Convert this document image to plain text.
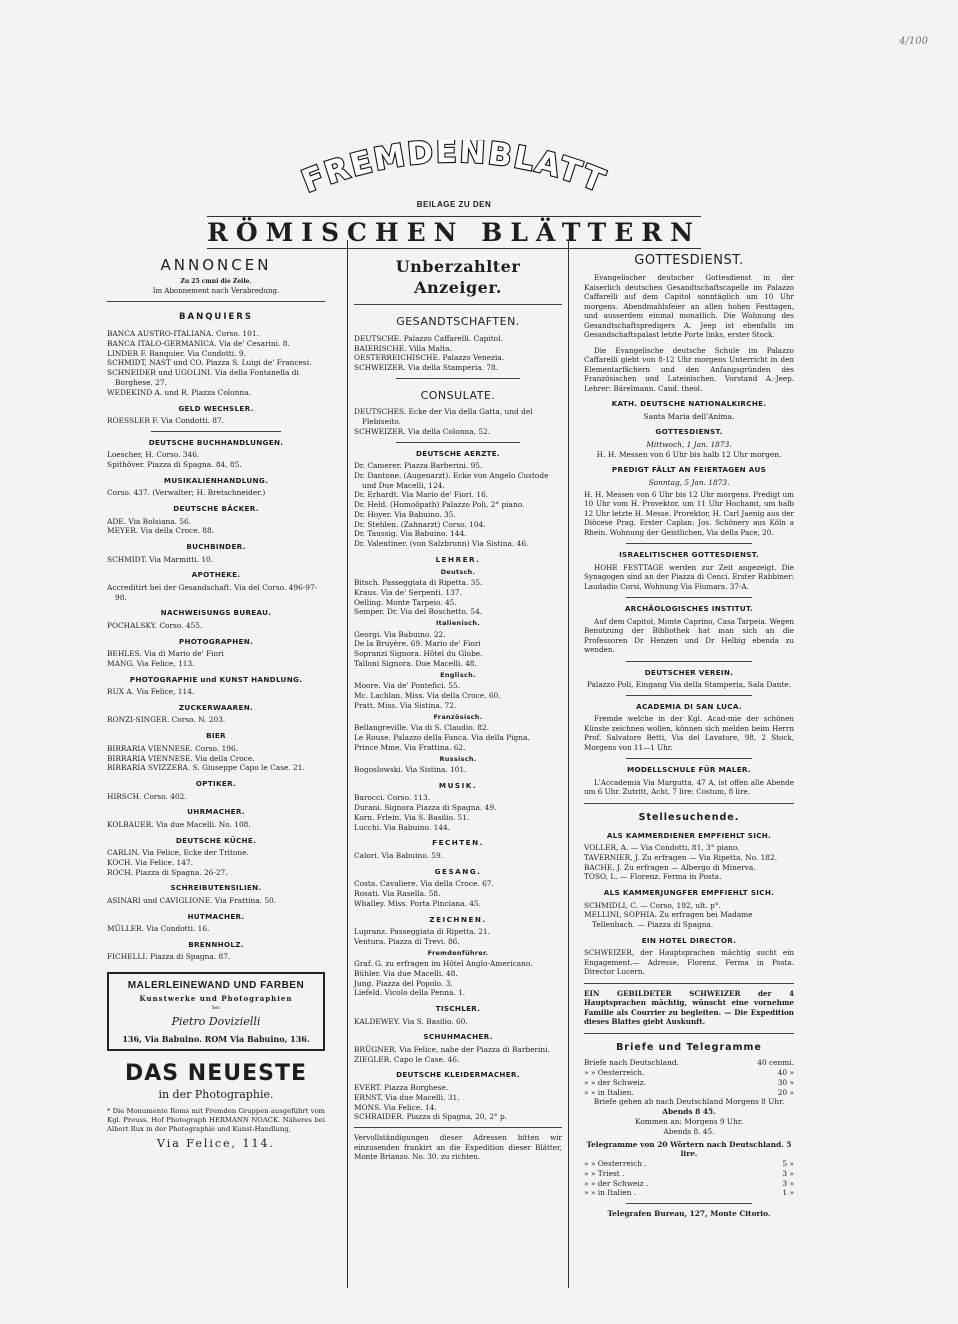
4/100
FREMDENBLATT
BEILAGE ZU DEN
RÖMISCHEN BLÄTTERN
ANNONCEN
Zu 25 cmni die Zeile.
Im Abonnement nach Verabredung.
BANQUIERS
BANCA AUSTRO-ITALIANA. Corso. 101.
BANCA ITALO-GERMANICA. Via de' Cesarini. 8.
LINDER F. Banquier. Via Condotti. 9.
SCHMIDT, NAST und CO. Piazza S. Luigi de' Francesi.
SCHNEIDER und UGOLINI. Via della Fontanella di Borghese. 27.
WEDEKIND A. und R. Piazza Colonna.
GELD WECHSLER.
ROESSLER F. Via Condotti. 87.
DEUTSCHE BUCHHANDLUNGEN.
Loescher, H. Corso. 346.
Spithöver. Piazza di Spagna. 84, 85.
MUSIKALIENHANDLUNG.
Corso. 437. (Verwalter; H. Bretschneider.)
DEUTSCHE BÄCKER.
ADE. Via Bolsiana. 56.
MEYER. Via della Croce. 88.
BUCHBINDER.
SCHMIDT. Via Marmitti. 10.
APOTHEKE.
Accreditirt bei der Gesandschaft. Via del Corso. 496-97-98.
NACHWEISUNGS BUREAU.
POCHALSKY. Corso. 455.
PHOTOGRAPHEN.
BEHLES. Via di Mario de' Fiori
MANG. Via Felice, 113.
PHOTOGRAPHIE und KUNST HANDLUNG.
RUX A. Via Felice, 114.
ZUCKERWAAREN.
RONZI-SINGER. Corso. N. 203.
BIER
BIRRARIA VIENNESE. Corso. 196.
BIRRARIA VIENNESE. Via della Croce.
BIRRARIA SVIZZERA. S. Giuseppe Capo le Case. 21.
OPTIKER.
HIRSCH. Corso. 402.
UHRMACHER.
KOLBAUER. Via due Macelli. No. 108.
DEUTSCHE KÜCHE.
CARLIN. Via Felice, Ecke der Tritone.
KOCH. Via Felice. 147.
ROCH. Piazza di Spagna. 26-27.
SCHREIBUTENSILIEN.
ASINARI und CAVIGLIONE. Via Frattina. 50.
HUTMACHER.
MÜLLER. Via Condotti. 16.
BRENNHOLZ.
FICHELLI. Piazza di Spagna. 87.
MALERLEINEWAND UND FARBEN
Kunstwerke und Photographien
bei
Pietro Dovizielli
136, Via Babuino. ROM Via Babuino, 136.
DAS NEUESTE
in der Photographie.
* Die Monumente Roms mit Fremden Gruppen ausgeführt vom Kgl. Preuss. Hof Photograph HERMANN NOACK. Näheres bei Albert Rux in der Photographie und Kunst-Handlung,
Via Felice, 114.
Unberzahlter Anzeiger.
GESANDTSCHAFTEN.
DEUTSCHE. Palazzo Caffarelli. Capitol.
BAIERISCHE. Villa Malta.
OESTERREICHISCHE. Palazzo Venezia.
SCHWEIZER. Via della Stamperia. 78.
CONSULATE.
DEUTSCHES. Ecke der Via della Gatta, und del Plebiseito.
SCHWEIZER. Via della Colonna, 52.
DEUTSCHE AERZTE.
Dr. Camerer. Piazza Barberini. 95.
Dr. Dantone. (Augenarzt). Ecke von Angelo Custode und Due Macelli, 124.
Dr. Erhardt. Via Mario de' Fiori. 16.
Dr. Held. (Homoöpath) Palazzo Poli, 2° piano.
Dr. Hoyer. Via Babuino. 35.
Dr. Stehlen. (Zahnarzt) Corso. 104.
Dr. Taussig. Via Babuino. 144.
Dr. Valentiner. (von Salzbrunn) Via Sistina. 46.
LEHRER.
Deutsch.
Bitsch. Passeggiata di Ripetta. 35.
Kraus. Via de' Serpenti. 137.
Oelling. Monte Tarpeio. 45.
Semper. Dr. Via del Boschetto. 54.
Italienisch.
Georgi. Via Babuino. 22.
De la Bruyère. 69. Mario de' Fiori
Sopranzi Signora. Hôtel du Globe.
Talloni Signora. Due Macelli. 48.
Englisch.
Moore. Via de' Pontefici. 55.
Mc. Lachlan. Miss. Via della Croce. 60.
Pratt. Miss. Via Sistina. 72.
Französisch.
Bellangreville. Via di S. Claudio. 82.
Le Rouse. Palazzo della Fanca. Via della Pigna.
Prince Mme. Via Frattina. 62.
Russisch.
Bogoslowski. Via Sistina. 101.
MUSIK.
Barocci. Corso. 113.
Durani. Signora Piazza di Spagna. 49.
Korn. Frlein. Via S. Basilio. 51.
Lucchi. Via Babuino. 144.
FECHTEN.
Calori. Via Babuino. 59.
GESANG.
Costa. Cavaliere. Via della Croce. 67.
Rosati. Via Rasella. 58.
Whalley. Miss. Porta Pinciana. 45.
ZEICHNEN.
Lupranz. Passeggiata di Ripetta. 21.
Ventura. Piazza di Trevi. 86.
Fremdenführer.
Graf. G. zu erfragen im Hôtel Anglo-Americano.
Bühler. Via due Macelli. 48.
Jung. Piazza del Popolo. 3.
Liefeld. Vicolo della Penna. 1.
TISCHLER.
KALDEWEY. Via S. Basilio. 60.
SCHUHMACHER.
BRÜGNER. Via Felice, nahe der Piazza di Barberini.
ZIEGLER. Capo le Case. 46.
DEUTSCHE KLEIDERMACHER.
EVERT. Piazza Borghese.
ERNST. Via due Macelli. 31.
MONS. Via Felice. 14.
SCHRAIDER. Piazza di Spagna, 20, 2° p.
Vervollständigungen dieser Adressen bitten wir einzusenden frankirt an die Expedition dieser Blätter, Monte Brianzo. No. 30. zu richten.
GOTTESDIENST.
Evangelischer deutscher Gottesdienst in der Kaiserlich deutschen Gesandtschaftscapelle im Palazzo Caffarelli auf dem Capitol sonntäglich um 10 Uhr morgens. Abendmahlsfeier an allen hohen Festtagen, und ausserdem einmal monatlich. Die Wohnung des Gesandtschaftspredigers A. Jeep ist ebenfalls im Gesandschaftspalast letzte Porte links, erster Stock.
Die Evangelische deutsche Schule im Palazzo Caffarelli giebt von 8-12 Uhr morgens Unterricht in den Elementarfächern und den Anfangsgründen des Französischen und Lateinischen. Vorstand A.-Jeep. Lehrer: Bärelmann. Cand. theol.
KATH. DEUTSCHE NATIONALKIRCHE.
Santa Maria dell'Anima.
GOTTESDIENST.
Mittwoch, 1 Jan. 1873.
H. H. Messen von 6 Uhr bis halb 12 Uhr morgen.
PREDIGT FÄLLT AN FEIERTAGEN AUS
Sonntag, 5 Jan. 1873.
H. H. Messen von 6 Uhr bis 12 Uhr morgens. Predigt um 10 Uhr vom H. Provektor, um 11 Uhr Hochamt, um halb 12 Uhr letzte H. Messe. Prorektor, H. Carl Jaenig aus der Diöcese Prag. Erster Caplan: Jos. Schönery aus Köln a Rhein. Wohnung der Geistlichen, Via della Pace, 20.
ISRAELITISCHER GOTTESDIENST.
HOHE FESTTAGE werden zur Zeit angezeigt. Die Synagogen sind an der Piazza di Cenci. Erster Rabbiner: Laudadio Corsi, Wohnung Via Fiumara. 37-A.
ARCHÄOLOGISCHES INSTITUT.
Auf dem Capitol, Monte Caprino, Casa Tarpeia. Wegen Benutzung der Bibliothek hat man sich an die Professoren Dr Henzen und Dr Helbig ebenda zu wenden.
DEUTSCHER VEREIN.
Palazzo Poli, Eingang Via della Stamperia, Sala Dante.
ACADEMIA DI SAN LUCA.
Fremde welche in der Kgl. Acad-mie der schönen Künste zeichnen wollen, können sich melden beim Herrn Prof. Salvatore Betti, Via del Lavatore, 98, 2 Stock, Morgens von 11—1 Uhr.
MODELLSCHULE FÜR MALER.
L'Accademia Via Margutta, 47 A, ist offen alle Abende um 6 Uhr. Zutritt, Acht, 7 lire: Costum, 8 lire.
Stellesuchende.
ALS KAMMERDIENER EMPFIEHLT SICH.
VOLLER, A. — Via Condotti, 81, 3° piano.
TAVERNIER, J. Zu erfragen — Via Ripetta, No. 182.
BACHE, J. Zu erfragen — Albergo di Minerva.
TOSO, L. — Florenz. Ferma in Posta.
ALS KAMMERJUNGFER EMPFIEHLT SICH.
SCHMIDLI, C. — Corso, 192, ult. p°.
MELLINI, SOPHIA. Zu erfragen bei Madame Tellenbach. — Piazza di Spagna.
EIN HOTEL DIRECTOR.
SCHWEIZER, der Hauptsprachen mächtig sucht ein Engagement.— Adresse, Florenz. Ferma in Posta. Director Lucern.
EIN GEBILDETER SCHWEIZER der 4 Hauptsprachen mächtig, wünscht eine vornehme Familie als Courrier zu begleiten. — Die Expedition dieses Blattes giebt Auskunft.
Briefe und Telegramme
Briefe nach Deutschland.	40 cenmi.
» » Oesterreich.	40 »
» » der Schweiz.	30 »
» » in Italien.	20 »
Briefe gehen ab nach Deutschland Morgens 8 Uhr.
Abends 8 45.
Kommen an: Morgens 9 Uhr.
Abends 8. 45.
Telegramme von 20 Wörtern nach Deutschland. 5 lire.
» » Oesterreich .	5 »
» » Triest .	3 »
» » der Schweiz .	3 »
» » in Italien .	1 »
Telegrafen Bureau, 127, Monte Citorio.
